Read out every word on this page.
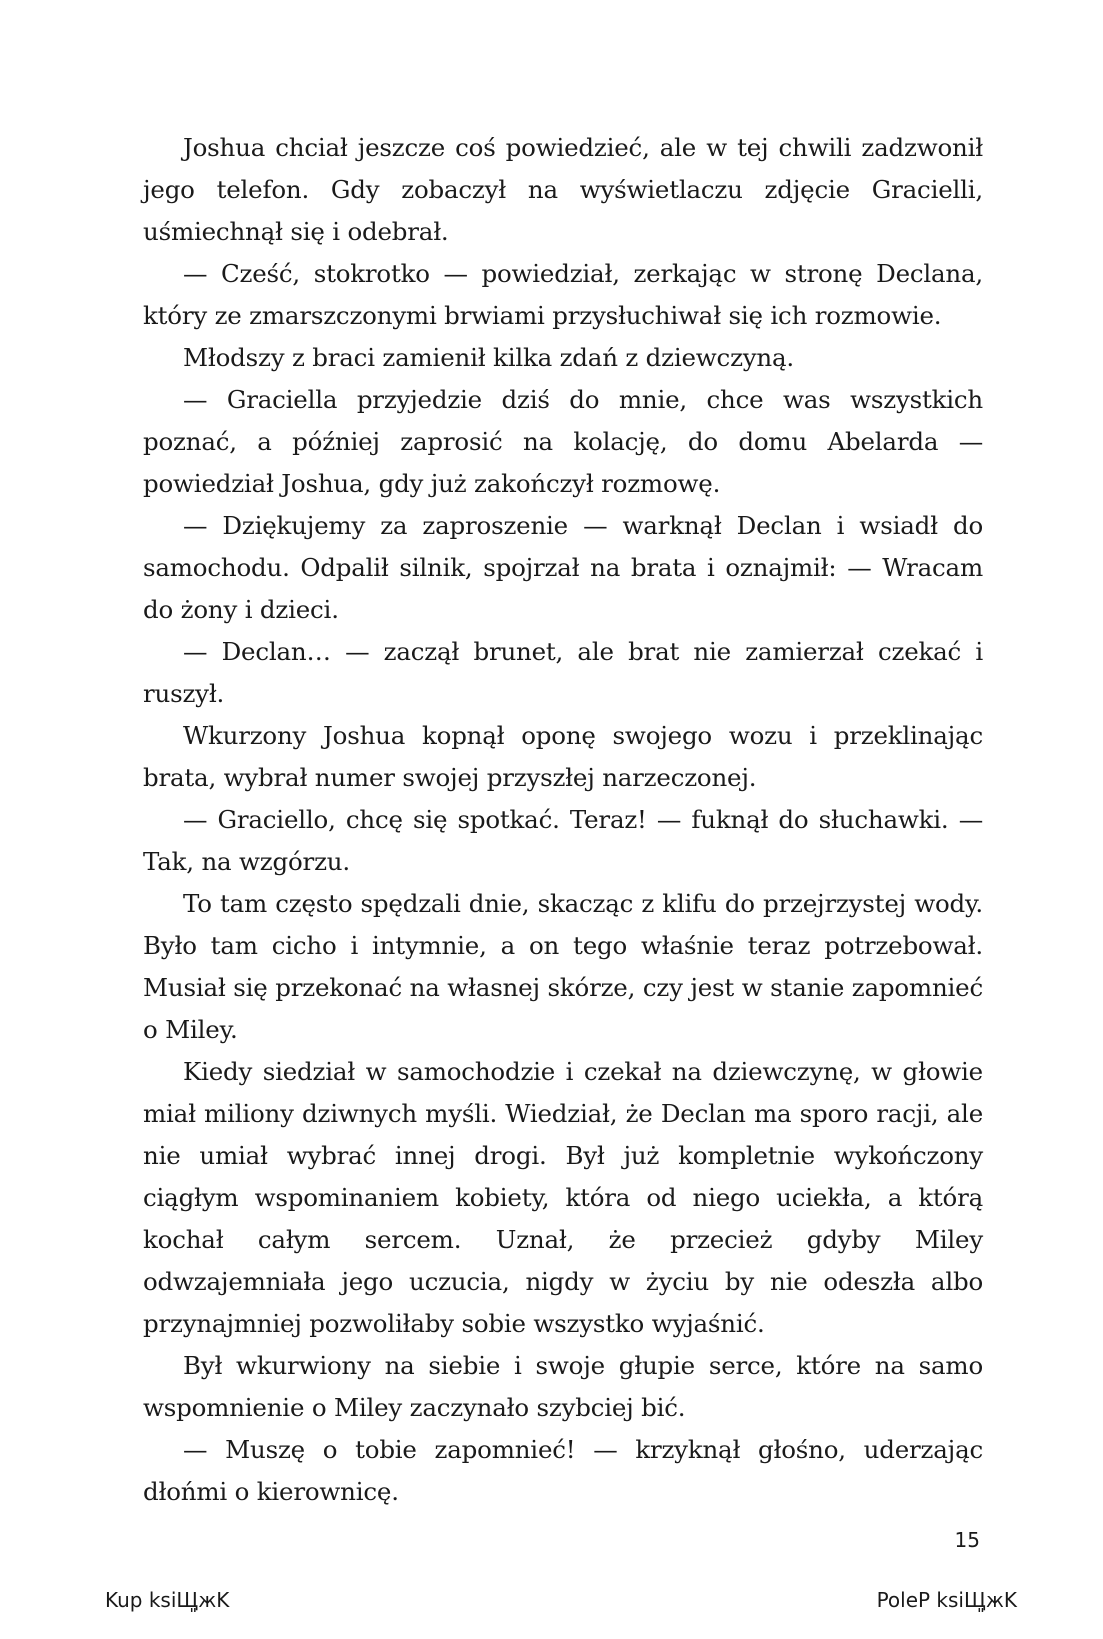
Joshua chciał jeszcze coś powiedzieć, ale w tej chwili zadzwonił jego telefon. Gdy zobaczył na wyświetlaczu zdjęcie Gracielli, uśmiechnął się i odebrał.

— Cześć, stokrotko — powiedział, zerkając w stronę Declana, który ze zmarszczonymi brwiami przysłuchiwał się ich rozmowie.

Młodszy z braci zamienił kilka zdań z dziewczyną.

— Graciella przyjedzie dziś do mnie, chce was wszystkich poznać, a później zaprosić na kolację, do domu Abelarda — powiedział Joshua, gdy już zakończył rozmowę.

— Dziękujemy za zaproszenie — warknął Declan i wsiadł do samochodu. Odpalił silnik, spojrzał na brata i oznajmił: — Wracam do żony i dzieci.

— Declan… — zaczął brunet, ale brat nie zamierzał czekać i ruszył.

Wkurzony Joshua kopnął oponę swojego wozu i przeklinając brata, wybrał numer swojej przyszłej narzeczonej.

— Graciello, chcę się spotkać. Teraz! — fuknął do słuchawki. — Tak, na wzgórzu.

To tam często spędzali dnie, skacząc z klifu do przejrzystej wody. Było tam cicho i intymnie, a on tego właśnie teraz potrzebował. Musiał się przekonać na własnej skórze, czy jest w stanie zapomnieć o Miley.

Kiedy siedział w samochodzie i czekał na dziewczynę, w głowie miał miliony dziwnych myśli. Wiedział, że Declan ma sporo racji, ale nie umiał wybrać innej drogi. Był już kompletnie wykończony ciągłym wspominaniem kobiety, która od niego uciekła, a którą kochał całym sercem. Uznał, że przecież gdyby Miley odwzajemniała jego uczucia, nigdy w życiu by nie odeszła albo przynajmniej pozwoliłaby sobie wszystko wyjaśnić.

Był wkurwiony na siebie i swoje głupie serce, które na samo wspomnienie o Miley zaczynało szybciej bić.

— Muszę o tobie zapomnieć! — krzyknął głośno, uderzając dłońmi o kierownicę.

15
Kup ksiЩ͈жK	PoleP ksiЩ͈жK
